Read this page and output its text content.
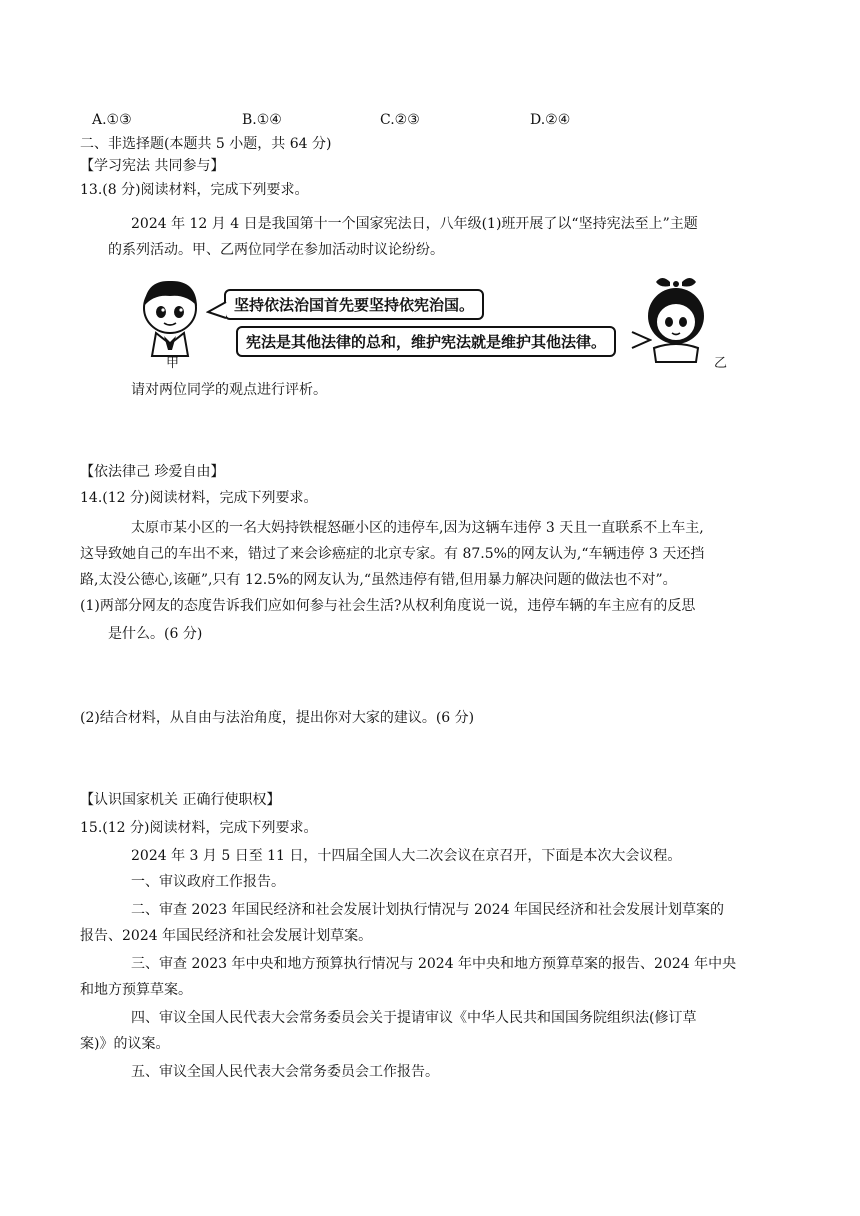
A.①③	B.①④	C.②③	D.②④
二、非选择题(本题共 5 小题，共 64 分)
【学习宪法 共同参与】
13.(8 分)阅读材料，完成下列要求。
2024 年 12 月 4 日是我国第十一个国家宪法日，八年级(1)班开展了以“坚持宪法至上”主题
的系列活动。甲、乙两位同学在参加活动时议论纷纷。
甲
坚持依法治国首先要坚持依宪治国。
宪法是其他法律的总和，维护宪法就是维护其他法律。
乙
请对两位同学的观点进行评析。
【依法律己 珍爱自由】
14.(12 分)阅读材料，完成下列要求。
太原市某小区的一名大妈持铁棍怒砸小区的违停车,因为这辆车违停 3 天且一直联系不上车主,
这导致她自己的车出不来，错过了来会诊癌症的北京专家。有 87.5%的网友认为,“车辆违停 3 天还挡
路,太没公德心,该砸”,只有 12.5%的网友认为,“虽然违停有错,但用暴力解决问题的做法也不对”。
(1)两部分网友的态度告诉我们应如何参与社会生活?从权利角度说一说，违停车辆的车主应有的反思
是什么。(6 分)
(2)结合材料，从自由与法治角度，提出你对大家的建议。(6 分)
【认识国家机关 正确行使职权】
15.(12 分)阅读材料，完成下列要求。
2024 年 3 月 5 日至 11 日，十四届全国人大二次会议在京召开，下面是本次大会议程。
一、审议政府工作报告。
二、审查 2023 年国民经济和社会发展计划执行情况与 2024 年国民经济和社会发展计划草案的
报告、2024 年国民经济和社会发展计划草案。
三、审查 2023 年中央和地方预算执行情况与 2024 年中央和地方预算草案的报告、2024 年中央
和地方预算草案。
四、审议全国人民代表大会常务委员会关于提请审议《中华人民共和国国务院组织法(修订草
案)》的议案。
五、审议全国人民代表大会常务委员会工作报告。
